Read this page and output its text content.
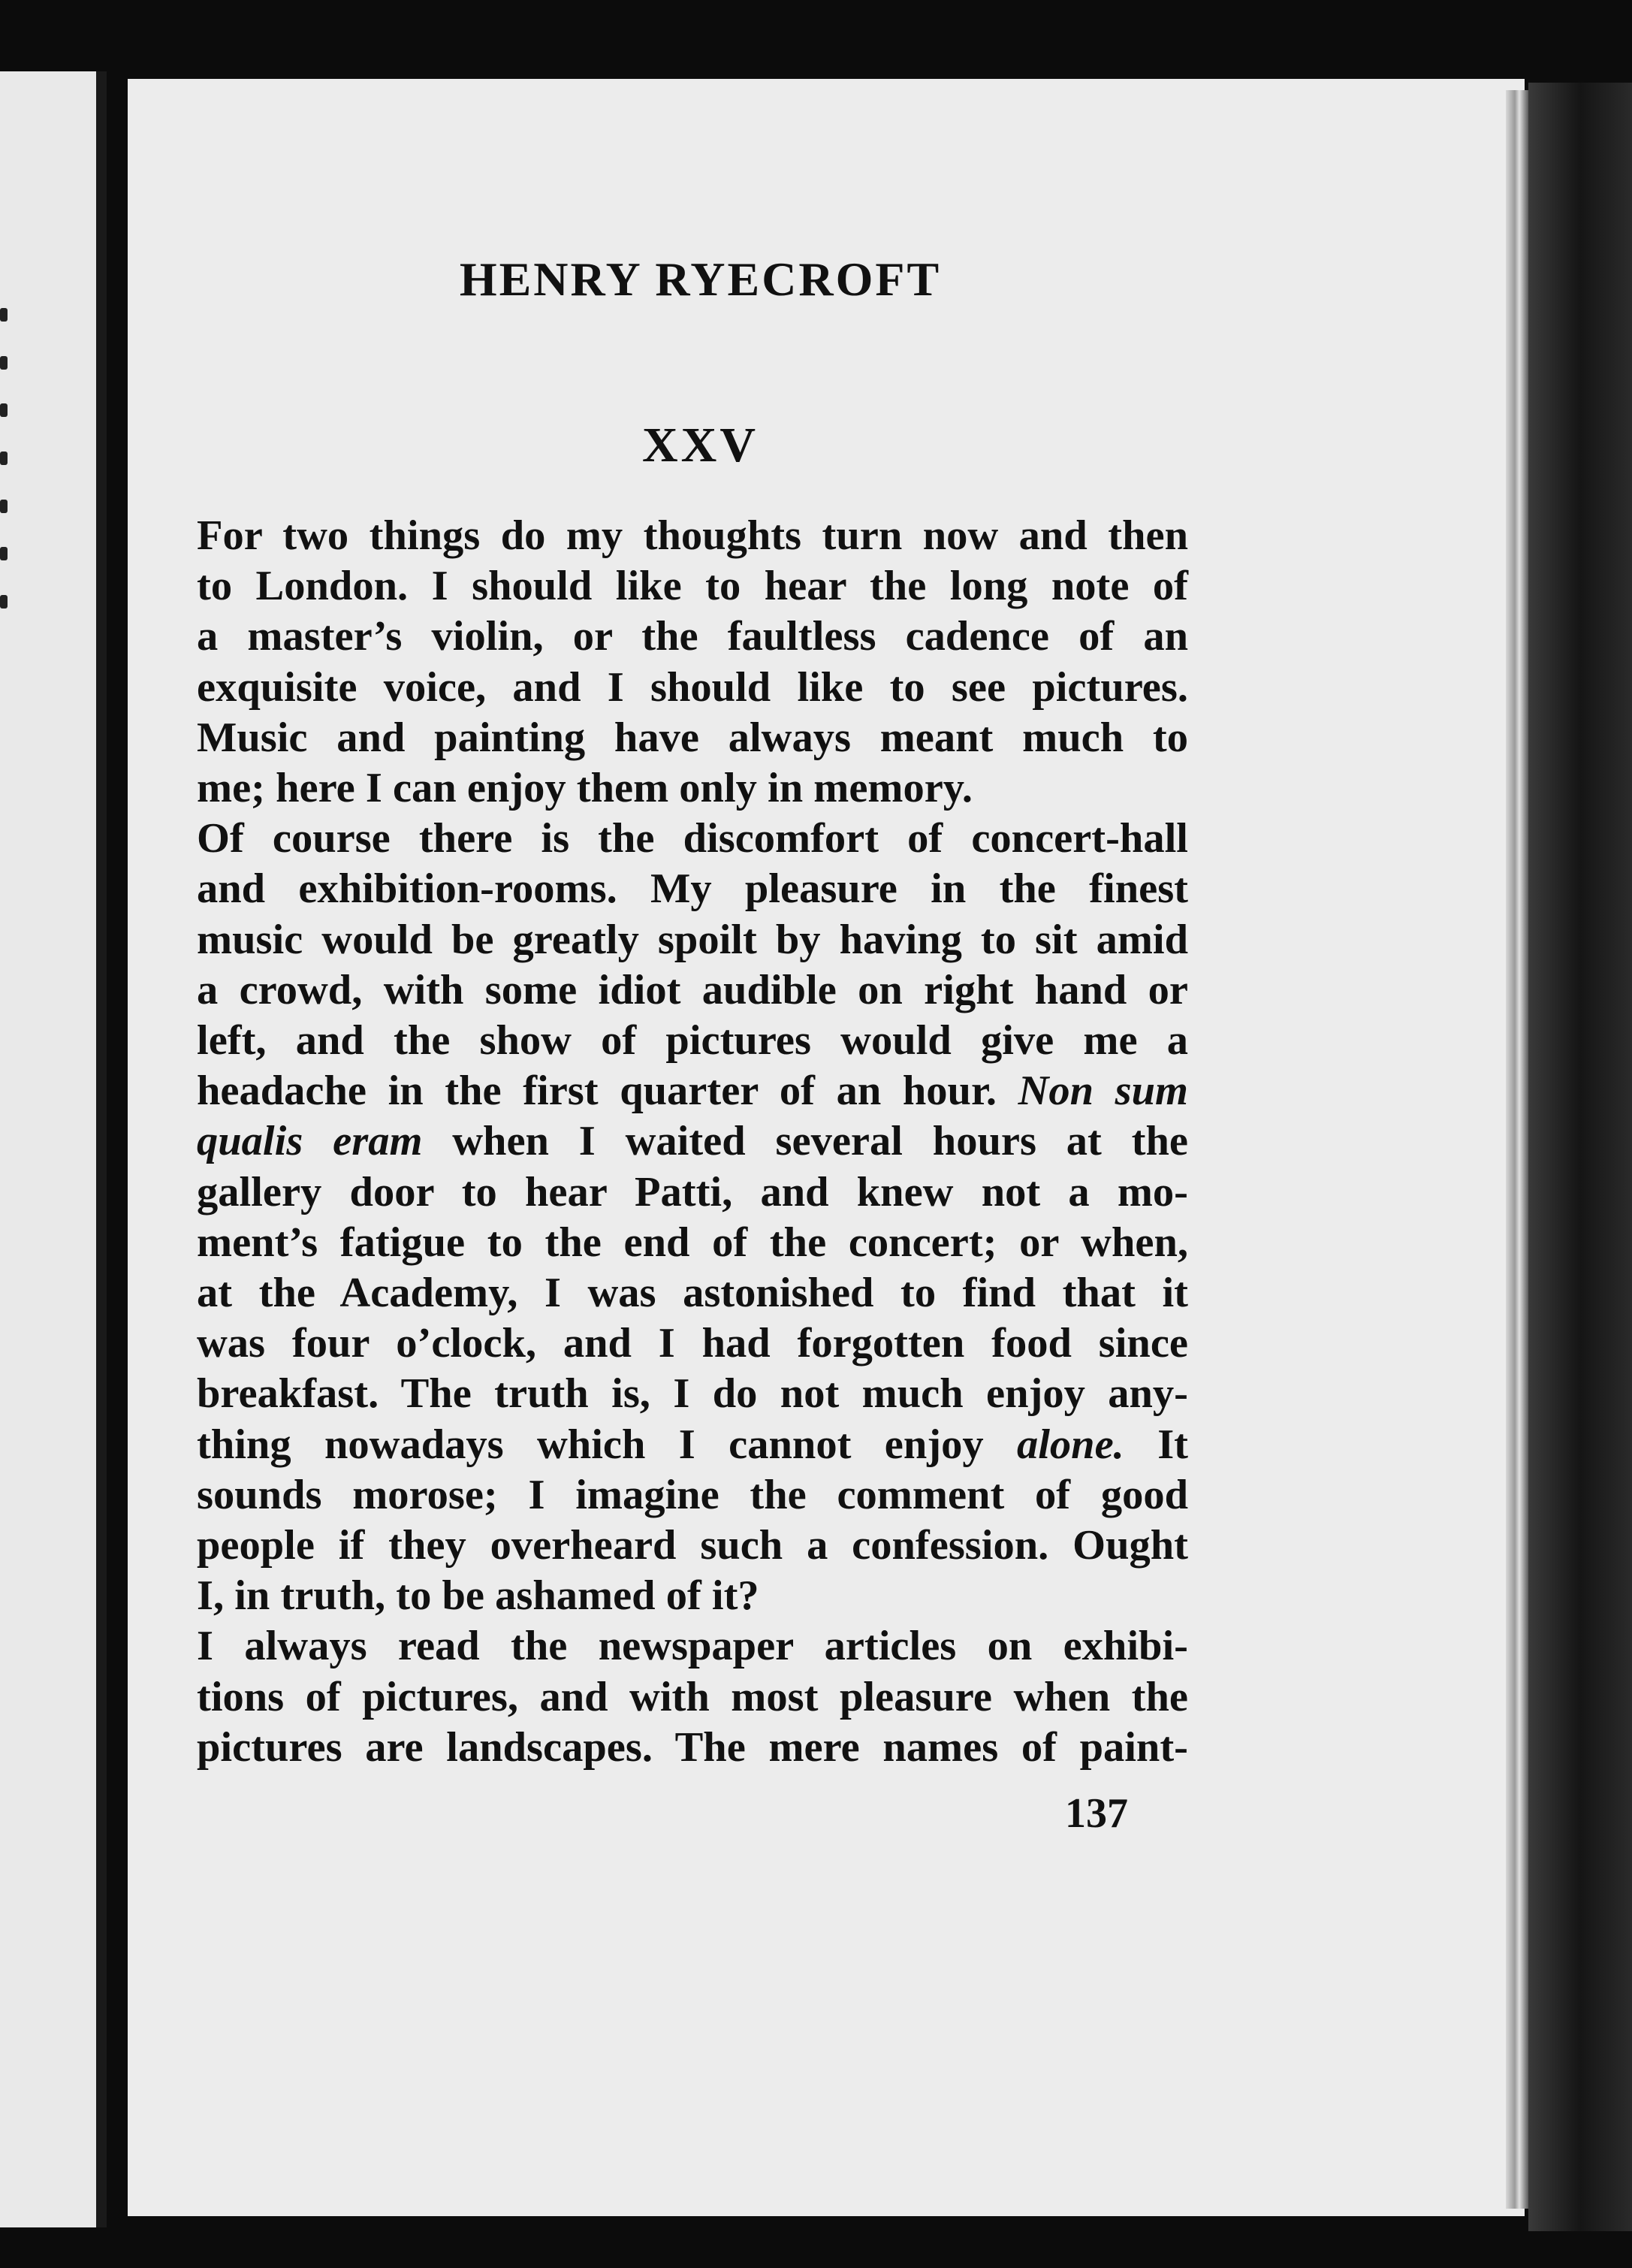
HENRY RYECROFT
XXV
For two things do my thoughts turn now and then
to London. I should like to hear the long note of
a master’s violin, or the faultless cadence of an
exquisite voice, and I should like to see pictures.
Music and painting have always meant much to
me; here I can enjoy them only in memory.
Of course there is the discomfort of concert-hall
and exhibition-rooms. My pleasure in the finest
music would be greatly spoilt by having to sit amid
a crowd, with some idiot audible on right hand or
left, and the show of pictures would give me a
headache in the first quarter of an hour. Non sum
qualis eram when I waited several hours at the
gallery door to hear Patti, and knew not a mo-
ment’s fatigue to the end of the concert; or when,
at the Academy, I was astonished to find that it
was four o’clock, and I had forgotten food since
breakfast. The truth is, I do not much enjoy any-
thing nowadays which I cannot enjoy alone. It
sounds morose; I imagine the comment of good
people if they overheard such a confession. Ought
I, in truth, to be ashamed of it?
I always read the newspaper articles on exhibi-
tions of pictures, and with most pleasure when the
pictures are landscapes. The mere names of paint-
137
